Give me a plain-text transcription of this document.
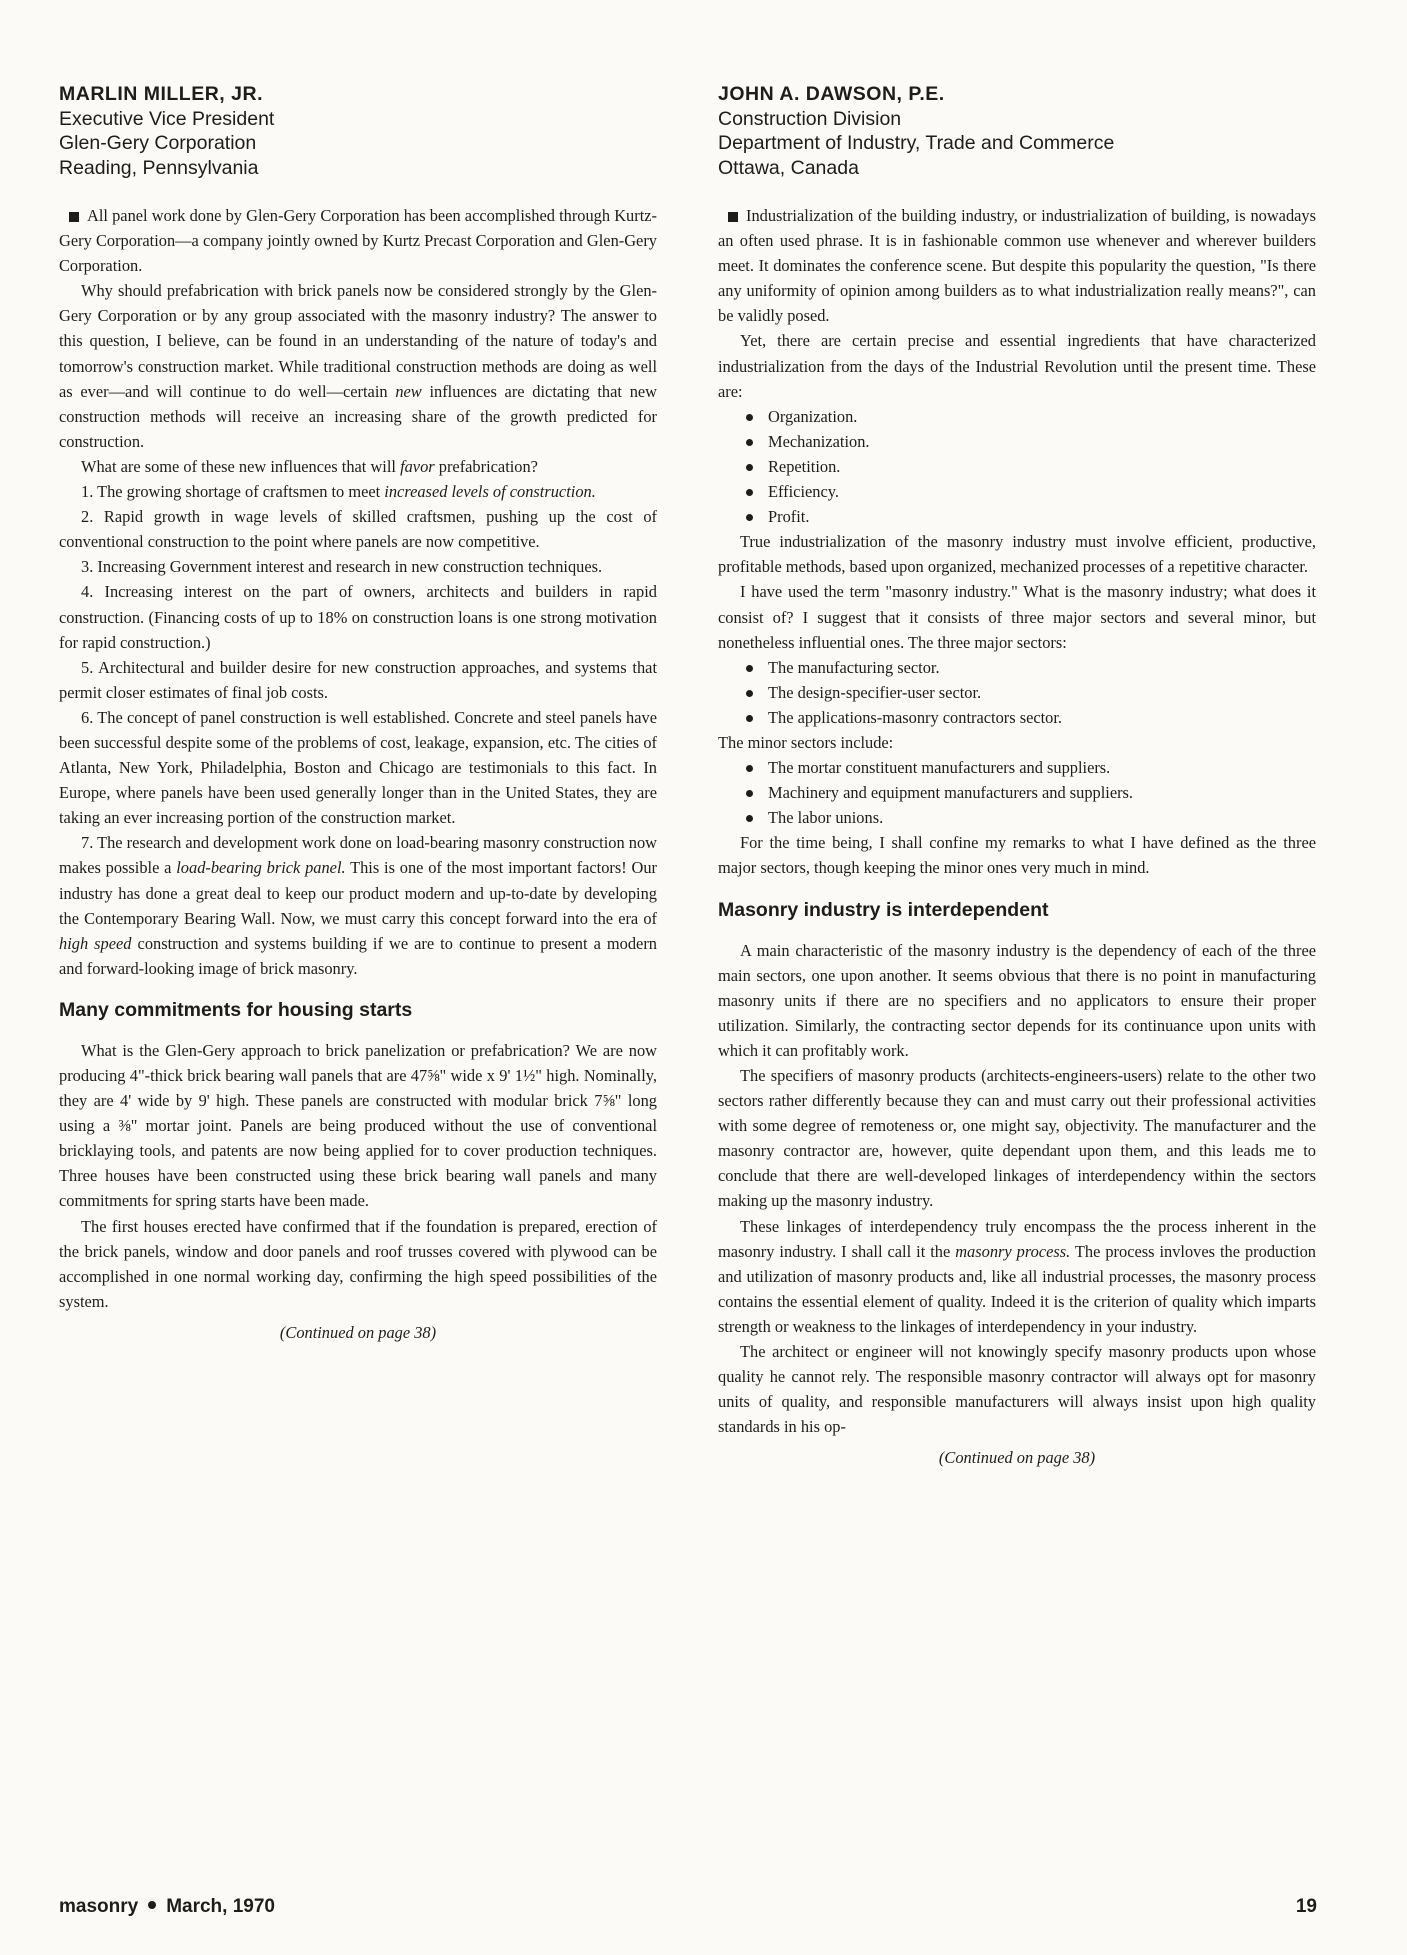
MARLIN MILLER, JR.
Executive Vice President
Glen-Gery Corporation
Reading, Pennsylvania

All panel work done by Glen-Gery Corporation has been accomplished through Kurtz-Gery Corporation—a company jointly owned by Kurtz Precast Corporation and Glen-Gery Corporation.

Why should prefabrication with brick panels now be considered strongly by the Glen-Gery Corporation or by any group associated with the masonry industry? The answer to this question, I believe, can be found in an understanding of the nature of today's and tomorrow's construction market. While traditional construction methods are doing as well as ever—and will continue to do well—certain new influences are dictating that new construction methods will receive an increasing share of the growth predicted for construction.

What are some of these new influences that will favor prefabrication?

1. The growing shortage of craftsmen to meet increased levels of construction.

2. Rapid growth in wage levels of skilled craftsmen, pushing up the cost of conventional construction to the point where panels are now competitive.

3. Increasing Government interest and research in new construction techniques.

4. Increasing interest on the part of owners, architects and builders in rapid construction. (Financing costs of up to 18% on construction loans is one strong motivation for rapid construction.)

5. Architectural and builder desire for new construction approaches, and systems that permit closer estimates of final job costs.

6. The concept of panel construction is well established. Concrete and steel panels have been successful despite some of the problems of cost, leakage, expansion, etc. The cities of Atlanta, New York, Philadelphia, Boston and Chicago are testimonials to this fact. In Europe, where panels have been used generally longer than in the United States, they are taking an ever increasing portion of the construction market.

7. The research and development work done on load-bearing masonry construction now makes possible a load-bearing brick panel. This is one of the most important factors! Our industry has done a great deal to keep our product modern and up-to-date by developing the Contemporary Bearing Wall. Now, we must carry this concept forward into the era of high speed construction and systems building if we are to continue to present a modern and forward-looking image of brick masonry.

Many commitments for housing starts

What is the Glen-Gery approach to brick panelization or prefabrication? We are now producing 4"-thick brick bearing wall panels that are 47⅝" wide x 9' 1½" high. Nominally, they are 4' wide by 9' high. These panels are constructed with modular brick 7⅝" long using a ⅜" mortar joint. Panels are being produced without the use of conventional bricklaying tools, and patents are now being applied for to cover production techniques. Three houses have been constructed using these brick bearing wall panels and many commitments for spring starts have been made.

The first houses erected have confirmed that if the foundation is prepared, erection of the brick panels, window and door panels and roof trusses covered with plywood can be accomplished in one normal working day, confirming the high speed possibilities of the system.

(Continued on page 38)
JOHN A. DAWSON, P.E.
Construction Division
Department of Industry, Trade and Commerce
Ottawa, Canada

Industrialization of the building industry, or industrialization of building, is nowadays an often used phrase. It is in fashionable common use whenever and wherever builders meet. It dominates the conference scene. But despite this popularity the question, "Is there any uniformity of opinion among builders as to what industrialization really means?", can be validly posed.

Yet, there are certain precise and essential ingredients that have characterized industrialization from the days of the Industrial Revolution until the present time. These are:

Organization.
Mechanization.
Repetition.
Efficiency.
Profit.

True industrialization of the masonry industry must involve efficient, productive, profitable methods, based upon organized, mechanized processes of a repetitive character.

I have used the term "masonry industry." What is the masonry industry; what does it consist of? I suggest that it consists of three major sectors and several minor, but nonetheless influential ones. The three major sectors:

The manufacturing sector.
The design-specifier-user sector.
The applications-masonry contractors sector.

The minor sectors include:

The mortar constituent manufacturers and suppliers.
Machinery and equipment manufacturers and suppliers.
The labor unions.

For the time being, I shall confine my remarks to what I have defined as the three major sectors, though keeping the minor ones very much in mind.

Masonry industry is interdependent

A main characteristic of the masonry industry is the dependency of each of the three main sectors, one upon another. It seems obvious that there is no point in manufacturing masonry units if there are no specifiers and no applicators to ensure their proper utilization. Similarly, the contracting sector depends for its continuance upon units with which it can profitably work.

The specifiers of masonry products (architects-engineers-users) relate to the other two sectors rather differently because they can and must carry out their professional activities with some degree of remoteness or, one might say, objectivity. The manufacturer and the masonry contractor are, however, quite dependant upon them, and this leads me to conclude that there are well-developed linkages of interdependency within the sectors making up the masonry industry.

These linkages of interdependency truly encompass the the process inherent in the masonry industry. I shall call it the masonry process. The process invloves the production and utilization of masonry products and, like all industrial processes, the masonry process contains the essential element of quality. Indeed it is the criterion of quality which imparts strength or weakness to the linkages of interdependency in your industry.

The architect or engineer will not knowingly specify masonry products upon whose quality he cannot rely. The responsible masonry contractor will always opt for masonry units of quality, and responsible manufacturers will always insist upon high quality standards in his op-

(Continued on page 38)
masonry March, 1970	19
